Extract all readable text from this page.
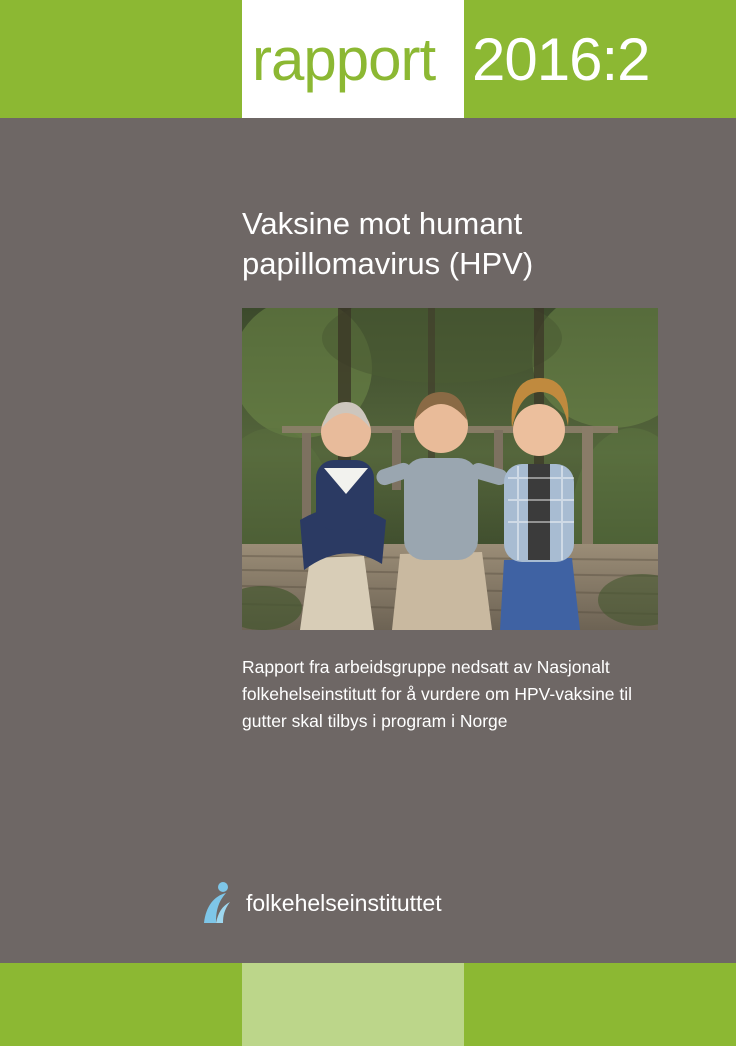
rapport 2016:2
Vaksine mot humant papillomavirus (HPV)
Rapport fra arbeidsgruppe nedsatt av Nasjonalt folkehelseinstitutt for å vurdere om HPV-vaksine til gutter skal tilbys i program i Norge
folkehelseinstituttet
